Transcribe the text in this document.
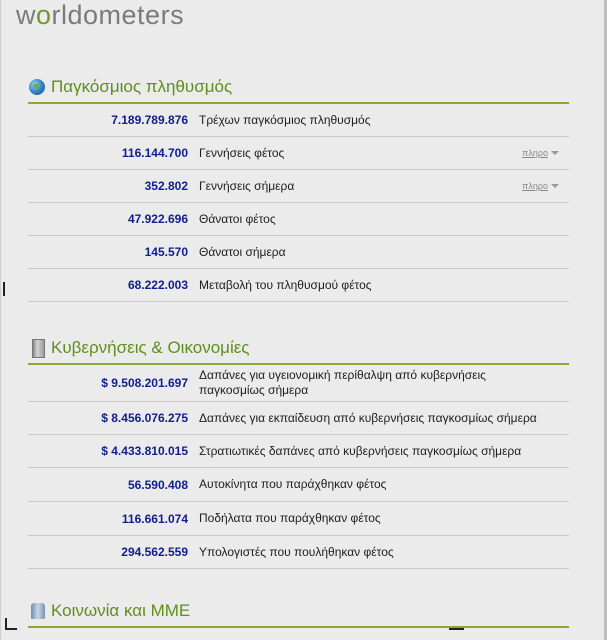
worldometers
Παγκόσμιος πληθυσμός
7.189.789.876 Τρέχων παγκόσμιος πληθυσμός
116.144.700 Γεννήσεις φέτος	πληρο
352.802 Γεννήσεις σήμερα	πληρο
47.922.696 Θάνατοι φέτος
145.570 Θάνατοι σήμερα
68.222.003 Μεταβολή του πληθυσμού φέτος
Κυβερνήσεις & Οικονομίες
$ 9.508.201.697
Δαπάνες για υγειονομική περίθαλψη από κυβερνήσεις παγκοσμίως σήμερα
$ 8.456.076.275 Δαπάνες για εκπαίδευση από κυβερνήσεις παγκοσμίως σήμερα
$ 4.433.810.015 Στρατιωτικές δαπάνες από κυβερνήσεις παγκοσμίως σήμερα
56.590.408 Αυτοκίνητα που παράχθηκαν φέτος
116.661.074 Ποδήλατα που παράχθηκαν φέτος
294.562.559 Υπολογιστές που πουλήθηκαν φέτος
Κοινωνία και ΜΜΕ
